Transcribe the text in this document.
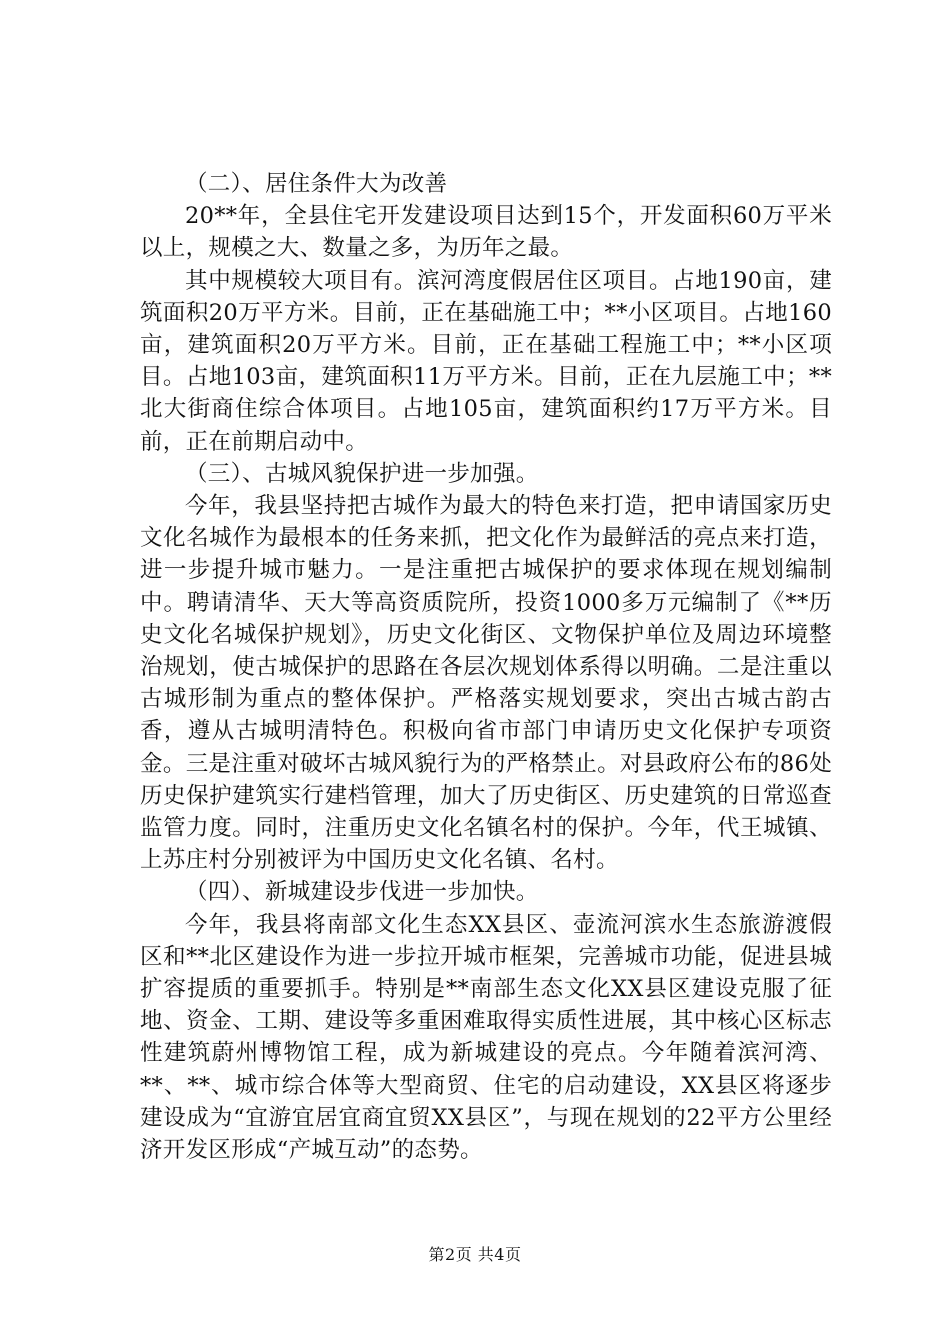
（二）、居住条件大为改善

20**年，全县住宅开发建设项目达到15个，开发面积60万平米以上，规模之大、数量之多，为历年之最。

其中规模较大项目有。滨河湾度假居住区项目。占地190亩，建筑面积20万平方米。目前，正在基础施工中；**小区项目。占地160亩，建筑面积20万平方米。目前，正在基础工程施工中；**小区项目。占地103亩，建筑面积11万平方米。目前，正在九层施工中；**北大街商住综合体项目。占地105亩，建筑面积约17万平方米。目前，正在前期启动中。

（三）、古城风貌保护进一步加强。

今年，我县坚持把古城作为最大的特色来打造，把申请国家历史文化名城作为最根本的任务来抓，把文化作为最鲜活的亮点来打造，进一步提升城市魅力。一是注重把古城保护的要求体现在规划编制中。聘请清华、天大等高资质院所，投资1000多万元编制了《**历史文化名城保护规划》，历史文化街区、文物保护单位及周边环境整治规划，使古城保护的思路在各层次规划体系得以明确。二是注重以古城形制为重点的整体保护。严格落实规划要求，突出古城古韵古香，遵从古城明清特色。积极向省市部门申请历史文化保护专项资金。三是注重对破坏古城风貌行为的严格禁止。对县政府公布的86处历史保护建筑实行建档管理，加大了历史街区、历史建筑的日常巡查监管力度。同时，注重历史文化名镇名村的保护。今年，代王城镇、上苏庄村分别被评为中国历史文化名镇、名村。

（四）、新城建设步伐进一步加快。

今年，我县将南部文化生态XX县区、壶流河滨水生态旅游渡假区和**北区建设作为进一步拉开城市框架，完善城市功能，促进县城扩容提质的重要抓手。特别是**南部生态文化XX县区建设克服了征地、资金、工期、建设等多重困难取得实质性进展，其中核心区标志性建筑蔚州博物馆工程，成为新城建设的亮点。今年随着滨河湾、**、**、城市综合体等大型商贸、住宅的启动建设，XX县区将逐步建设成为“宜游宜居宜商宜贸XX县区”，与现在规划的22平方公里经济开发区形成“产城互动”的态势。

第2页 共4页
